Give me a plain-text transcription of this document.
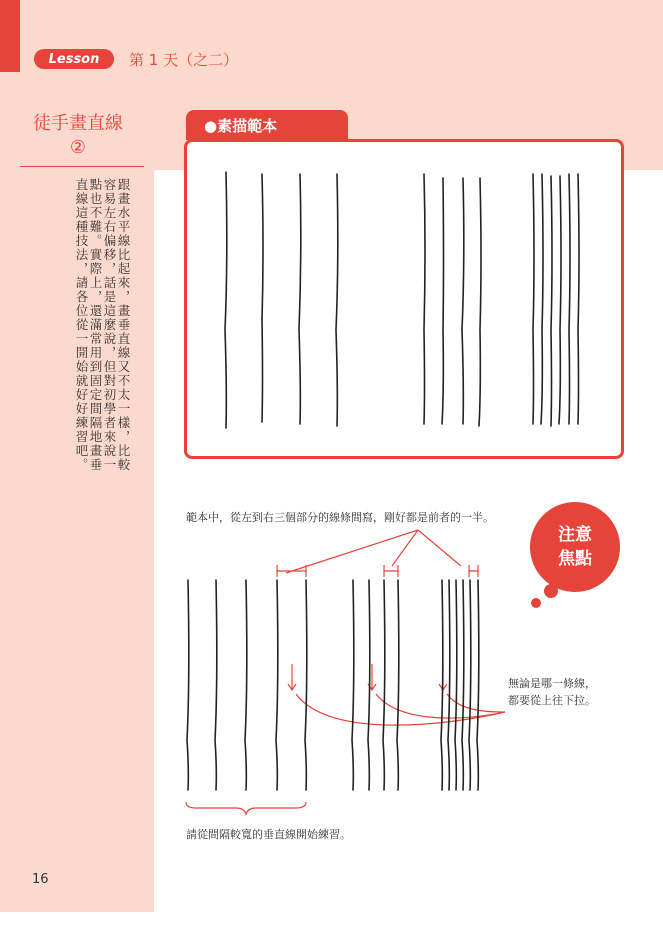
Lesson	第 1 天（之二）
徒手畫直線
②
跟畫水平線比起來，畫垂直線又不太一樣，比較容易左右偏移，話是這麼說，但對初學者來說一點也不難。實際上，還滿常用到固定間隔地畫垂直線這種技法，請各位從一開始就好好練習吧。
16
●素描範本
範本中，從左到右三個部分的線條間寫，剛好都是前者的一半。
注意
焦點
無論是哪一條線，
都要從上往下拉。
請從間隔較寬的垂直線開始練習。
